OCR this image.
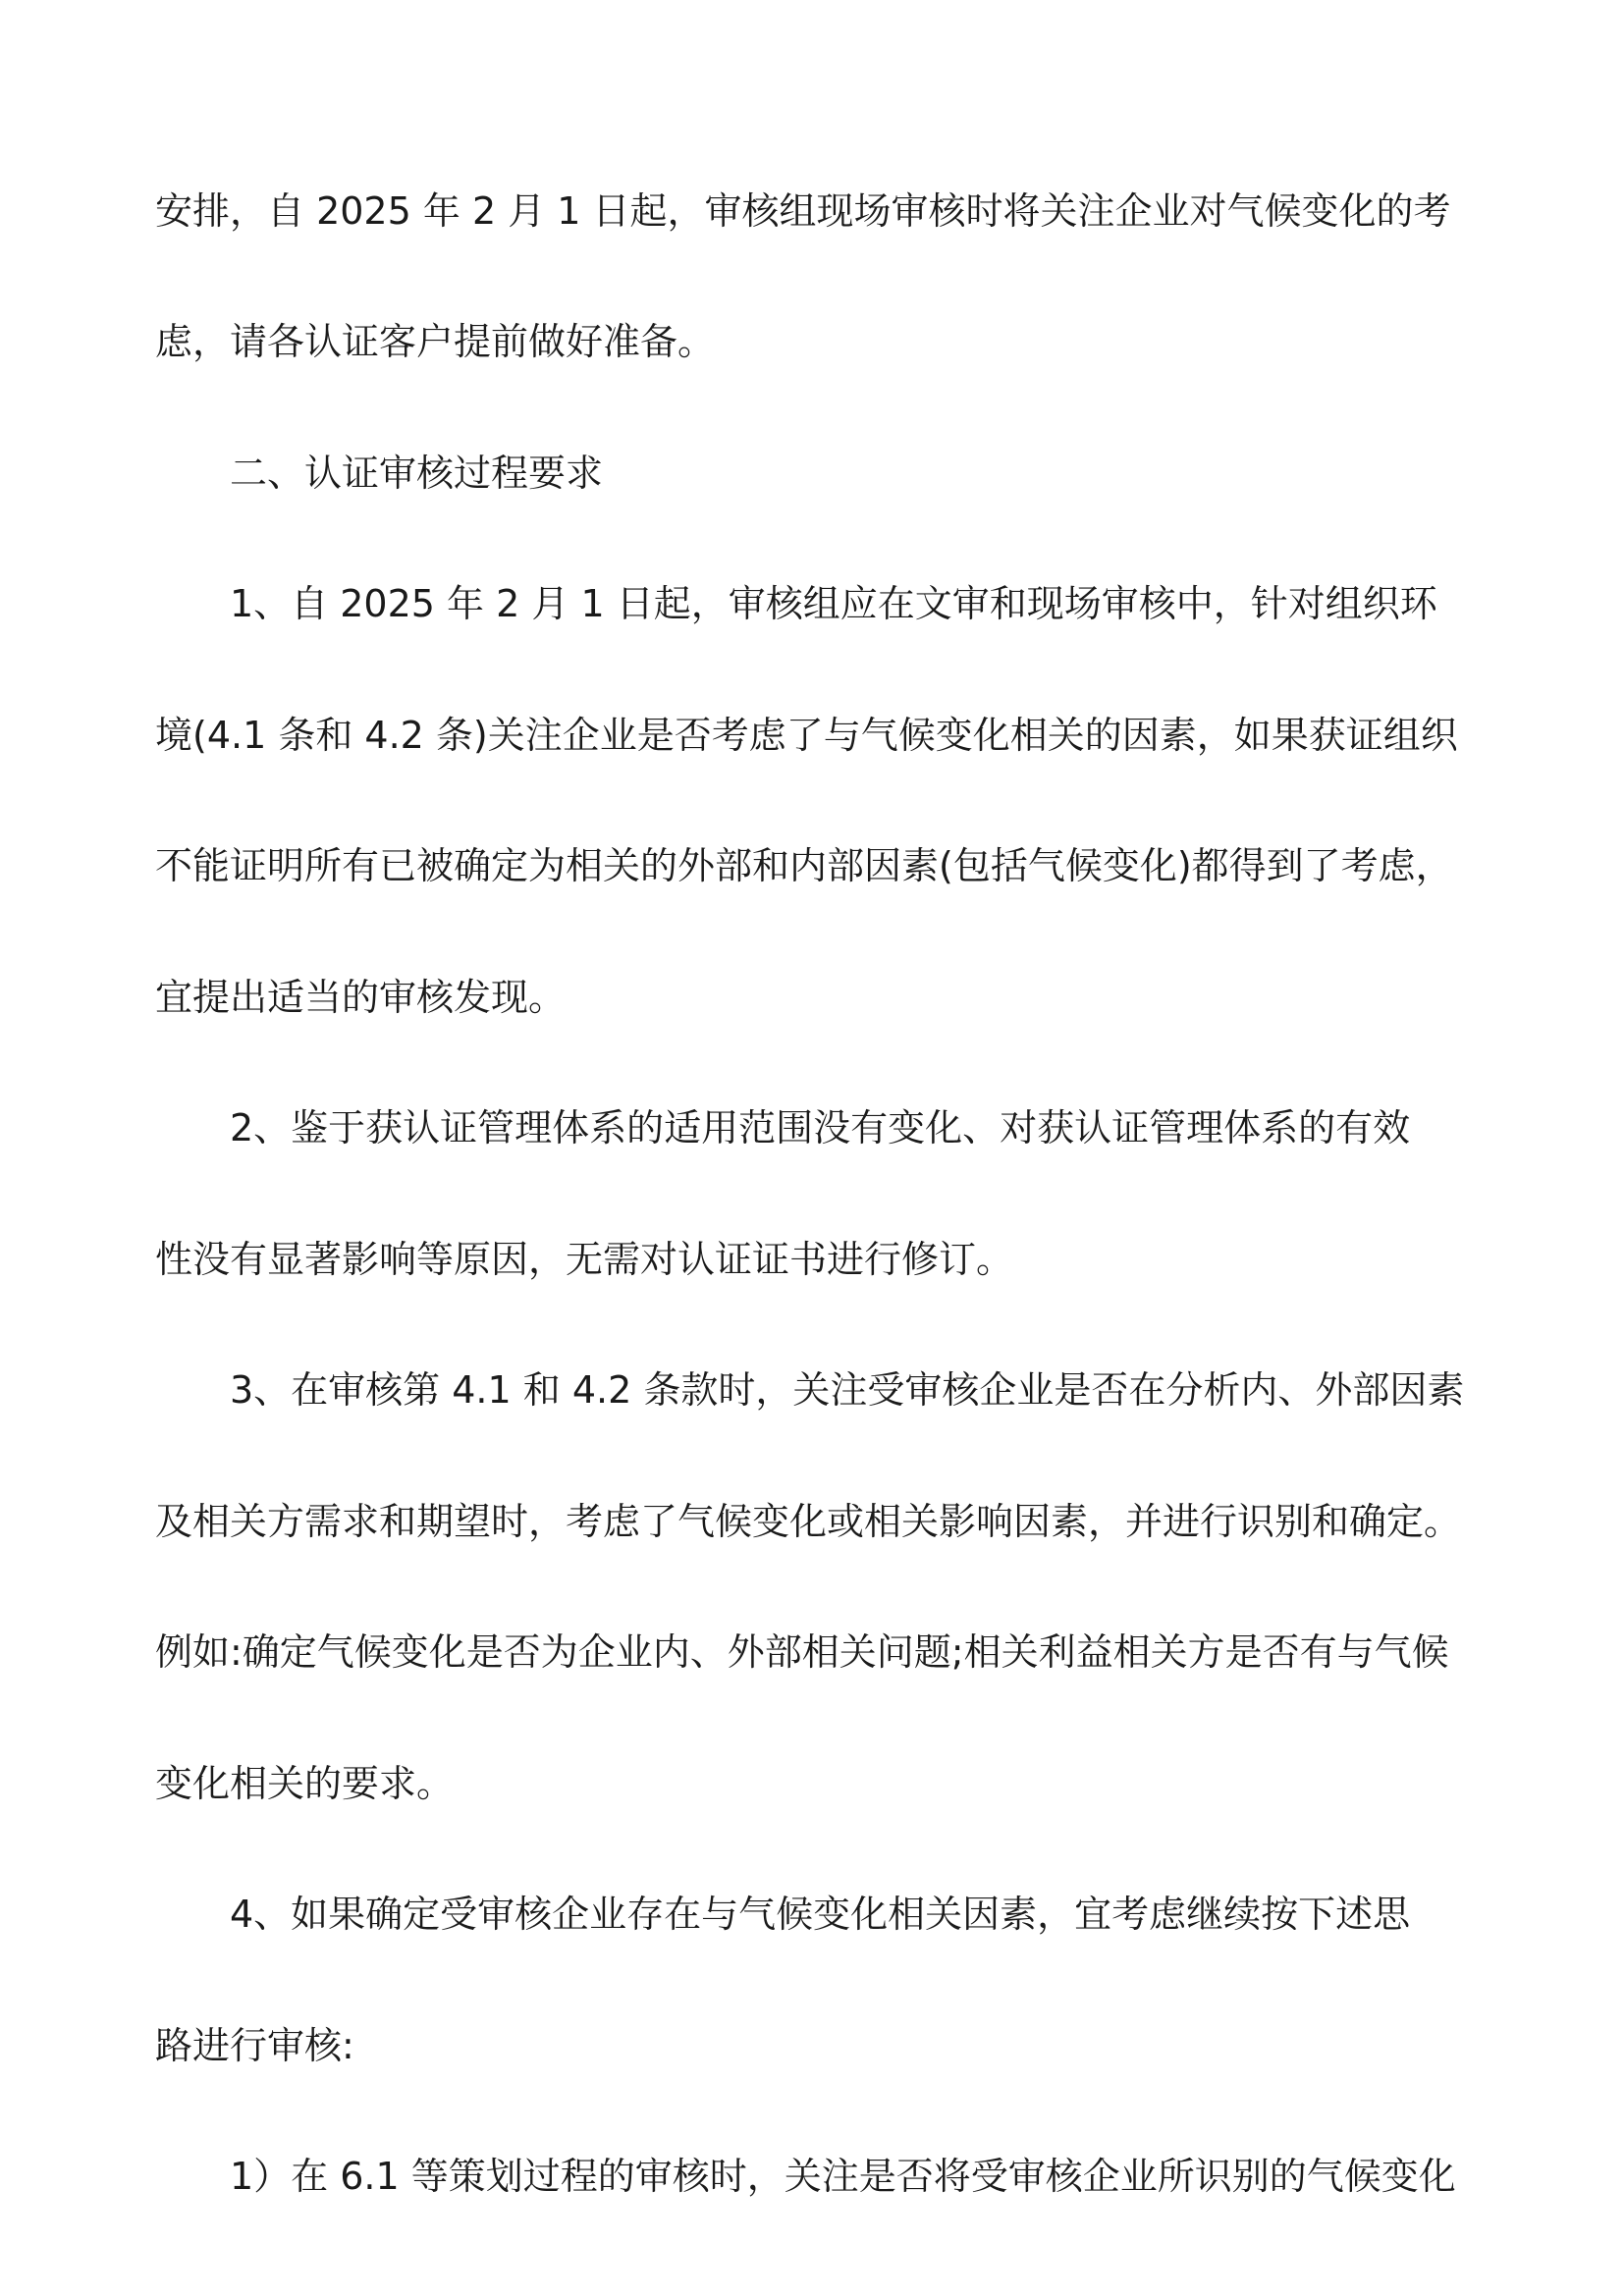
安排，自 2025 年 2 月 1 日起，审核组现场审核时将关注企业对气候变化的考
虑，请各认证客户提前做好准备。
二、认证审核过程要求
1、自 2025 年 2 月 1 日起，审核组应在文审和现场审核中，针对组织环
境(4.1 条和 4.2 条)关注企业是否考虑了与气候变化相关的因素，如果获证组织
不能证明所有已被确定为相关的外部和内部因素(包括气候变化)都得到了考虑，
宜提出适当的审核发现。
2、鉴于获认证管理体系的适用范围没有变化、对获认证管理体系的有效
性没有显著影响等原因，无需对认证证书进行修订。
3、在审核第 4.1 和 4.2 条款时，关注受审核企业是否在分析内、外部因素
及相关方需求和期望时，考虑了气候变化或相关影响因素，并进行识别和确定。
例如:确定气候变化是否为企业内、外部相关问题;相关利益相关方是否有与气候
变化相关的要求。
4、如果确定受审核企业存在与气候变化相关因素，宜考虑继续按下述思
路进行审核:
1）在 6.1 等策划过程的审核时，关注是否将受审核企业所识别的气候变化
